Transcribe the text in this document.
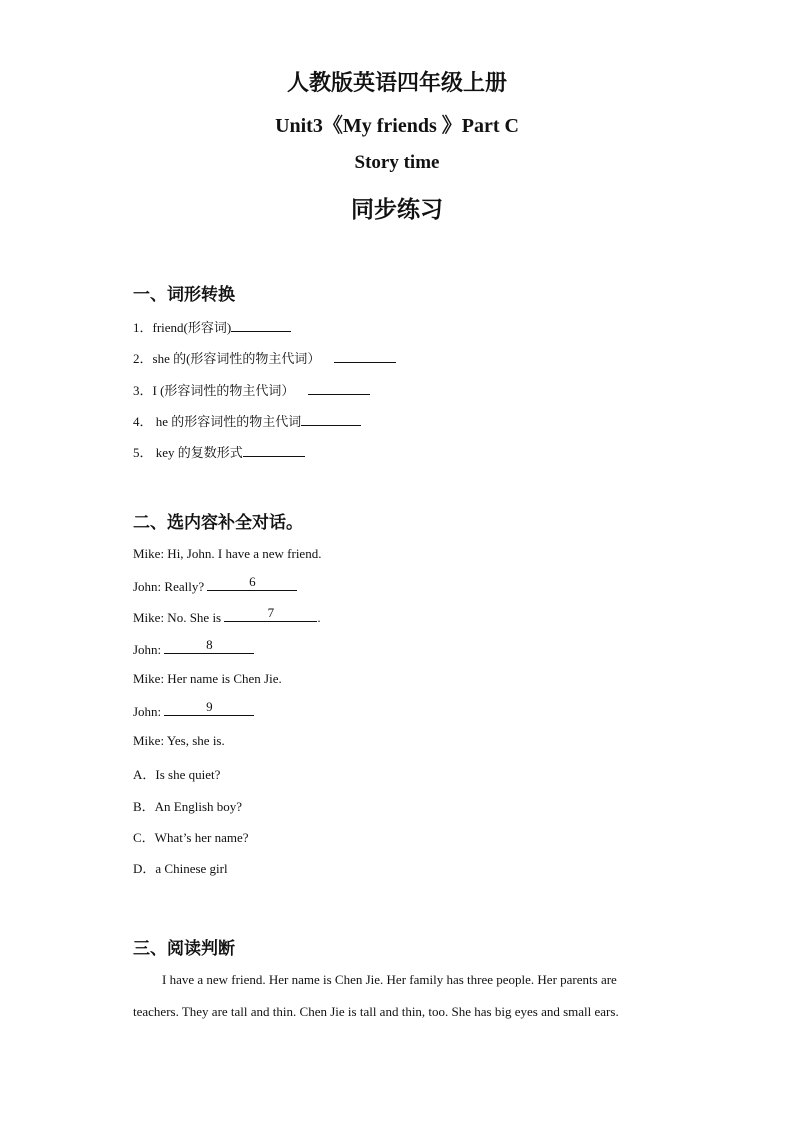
人教版英语四年级上册
Unit3《My friends 》Part C
Story time
同步练习
一、词形转换
1．friend(形容词)
2．she 的(形容词性的物主代词）
3．I (形容词性的物主代词）
4． he 的形容词性的物主代词
5． key 的复数形式
二、选内容补全对话。
Mike: Hi, John. I have a new friend.
John: Really?	6
Mike: No. She is	7	.
John:	8
Mike: Her name is Chen Jie.
John:	9
Mike: Yes, she is.
A．Is she quiet?
B．An English boy?
C．What’s her name?
D．a Chinese girl
三、阅读判断
I have a new friend. Her name is Chen Jie. Her family has three people. Her parents are
teachers. They are tall and thin. Chen Jie is tall and thin, too. She has big eyes and small ears.
